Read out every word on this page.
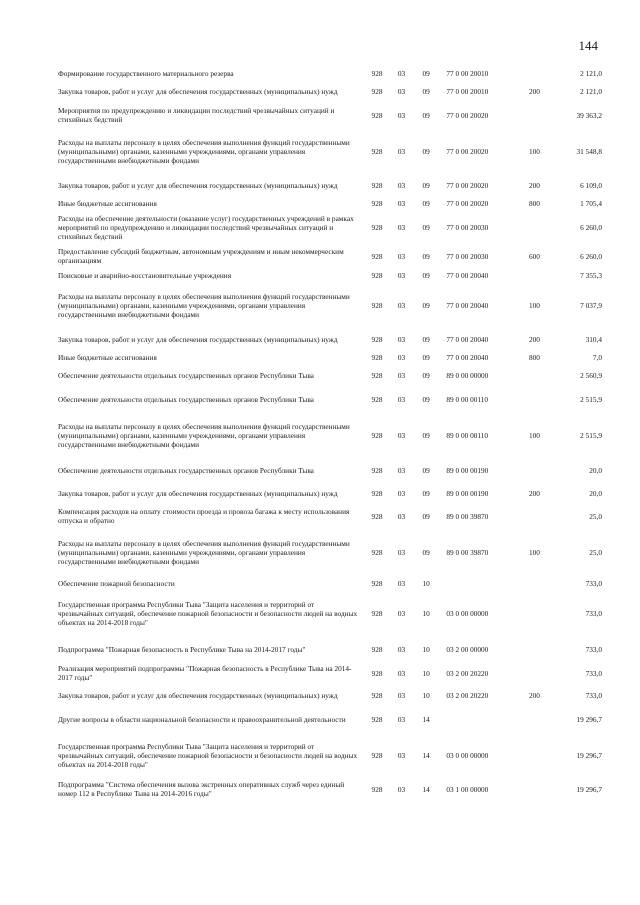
144
Формирование государственного материального резерва	928	03	09	77 0 00 20010		2 121,0
Закупка товаров, работ и услуг для обеспечения государственных (муниципальных) нужд	928	03	09	77 0 00 20010	200	2 121,0
Мероприятия по предупреждению и ликвидации последствий чрезвычайных ситуаций и стихийных бедствий	928	03	09	77 0 00 20020		39 363,2
Расходы на выплаты персоналу в целях обеспечения выполнения функций государственными (муниципальными) органами, казенными учреждениями, органами управления государственными внебюджетными фондами	928	03	09	77 0 00 20020	100	31 548,8
Закупка товаров, работ и услуг для обеспечения государственных (муниципальных) нужд	928	03	09	77 0 00 20020	200	6 109,0
Иные бюджетные ассигнования	928	03	09	77 0 00 20020	800	1 705,4
Расходы на обеспечение деятельности (оказание услуг) государственных учреждений в рамках мероприятий по предупреждению и ликвидации последствий чрезвычайных ситуаций и стихийных бедствий	928	03	09	77 0 00 20030		6 260,0
Предоставление субсидий бюджетным, автономным учреждениям и иным некоммерческим организациям	928	03	09	77 0 00 20030	600	6 260,0
Поисковые и аварийно-восстановительные учреждения	928	03	09	77 0 00 20040		7 355,3
Расходы на выплаты персоналу в целях обеспечения выполнения функций государственными (муниципальными) органами, казенными учреждениями, органами управления государственными внебюджетными фондами	928	03	09	77 0 00 20040	100	7 037,9
Закупка товаров, работ и услуг для обеспечения государственных (муниципальных) нужд	928	03	09	77 0 00 20040	200	310,4
Иные бюджетные ассигнования	928	03	09	77 0 00 20040	800	7,0
Обеспечение деятельности отдельных государственных органов Республики Тыва	928	03	09	89 0 00 00000		2 560,9
Обеспечение деятельности отдельных государственных органов Республики Тыва	928	03	09	89 0 00 00110		2 515,9
Расходы на выплаты персоналу в целях обеспечения выполнения функций государственными (муниципальными) органами, казенными учреждениями, органами управления государственными внебюджетными фондами	928	03	09	89 0 00 00110	100	2 515,9
Обеспечение деятельности отдельных государственных органов Республики Тыва	928	03	09	89 0 00 00190		20,0
Закупка товаров, работ и услуг для обеспечения государственных (муниципальных) нужд	928	03	09	89 0 00 00190	200	20,0
Компенсация расходов на оплату стоимости проезда и провоза багажа к месту использования отпуска и обратно	928	03	09	89 0 00 39870		25,0
Расходы на выплаты персоналу в целях обеспечения выполнения функций государственными (муниципальными) органами, казенными учреждениями, органами управления государственными внебюджетными фондами	928	03	09	89 0 00 39870	100	25,0
Обеспечение пожарной безопасности	928	03	10			733,0
Государственная программа Республики Тыва "Защита населения и территорий от чрезвычайных ситуаций, обеспечение пожарной безопасности и безопасности людей на водных объектах на 2014-2018 годы"	928	03	10	03 0 00 00000		733,0
Подпрограмма "Пожарная безопасность в Республике Тыва на 2014-2017 годы"	928	03	10	03 2 00 00000		733,0
Реализация мероприятий подпрограммы "Пожарная безопасность в Республике Тыва на 2014-2017 годы"	928	03	10	03 2 00 20220		733,0
Закупка товаров, работ и услуг для обеспечения государственных (муниципальных) нужд	928	03	10	03 2 00 20220	200	733,0
Другие вопросы в области национальной безопасности и правоохранительной деятельности	928	03	14			19 296,7
Государственная программа Республики Тыва "Защита населения и территорий от чрезвычайных ситуаций, обеспечение пожарной безопасности и безопасности людей на водных объектах на 2014-2018 годы"	928	03	14	03 0 00 00000		19 296,7
Подпрограмма "Система обеспечения вызова экстренных оперативных служб через единый номер 112 в Республике Тыва на 2014-2016 годы"	928	03	14	03 1 00 00000		19 296,7
